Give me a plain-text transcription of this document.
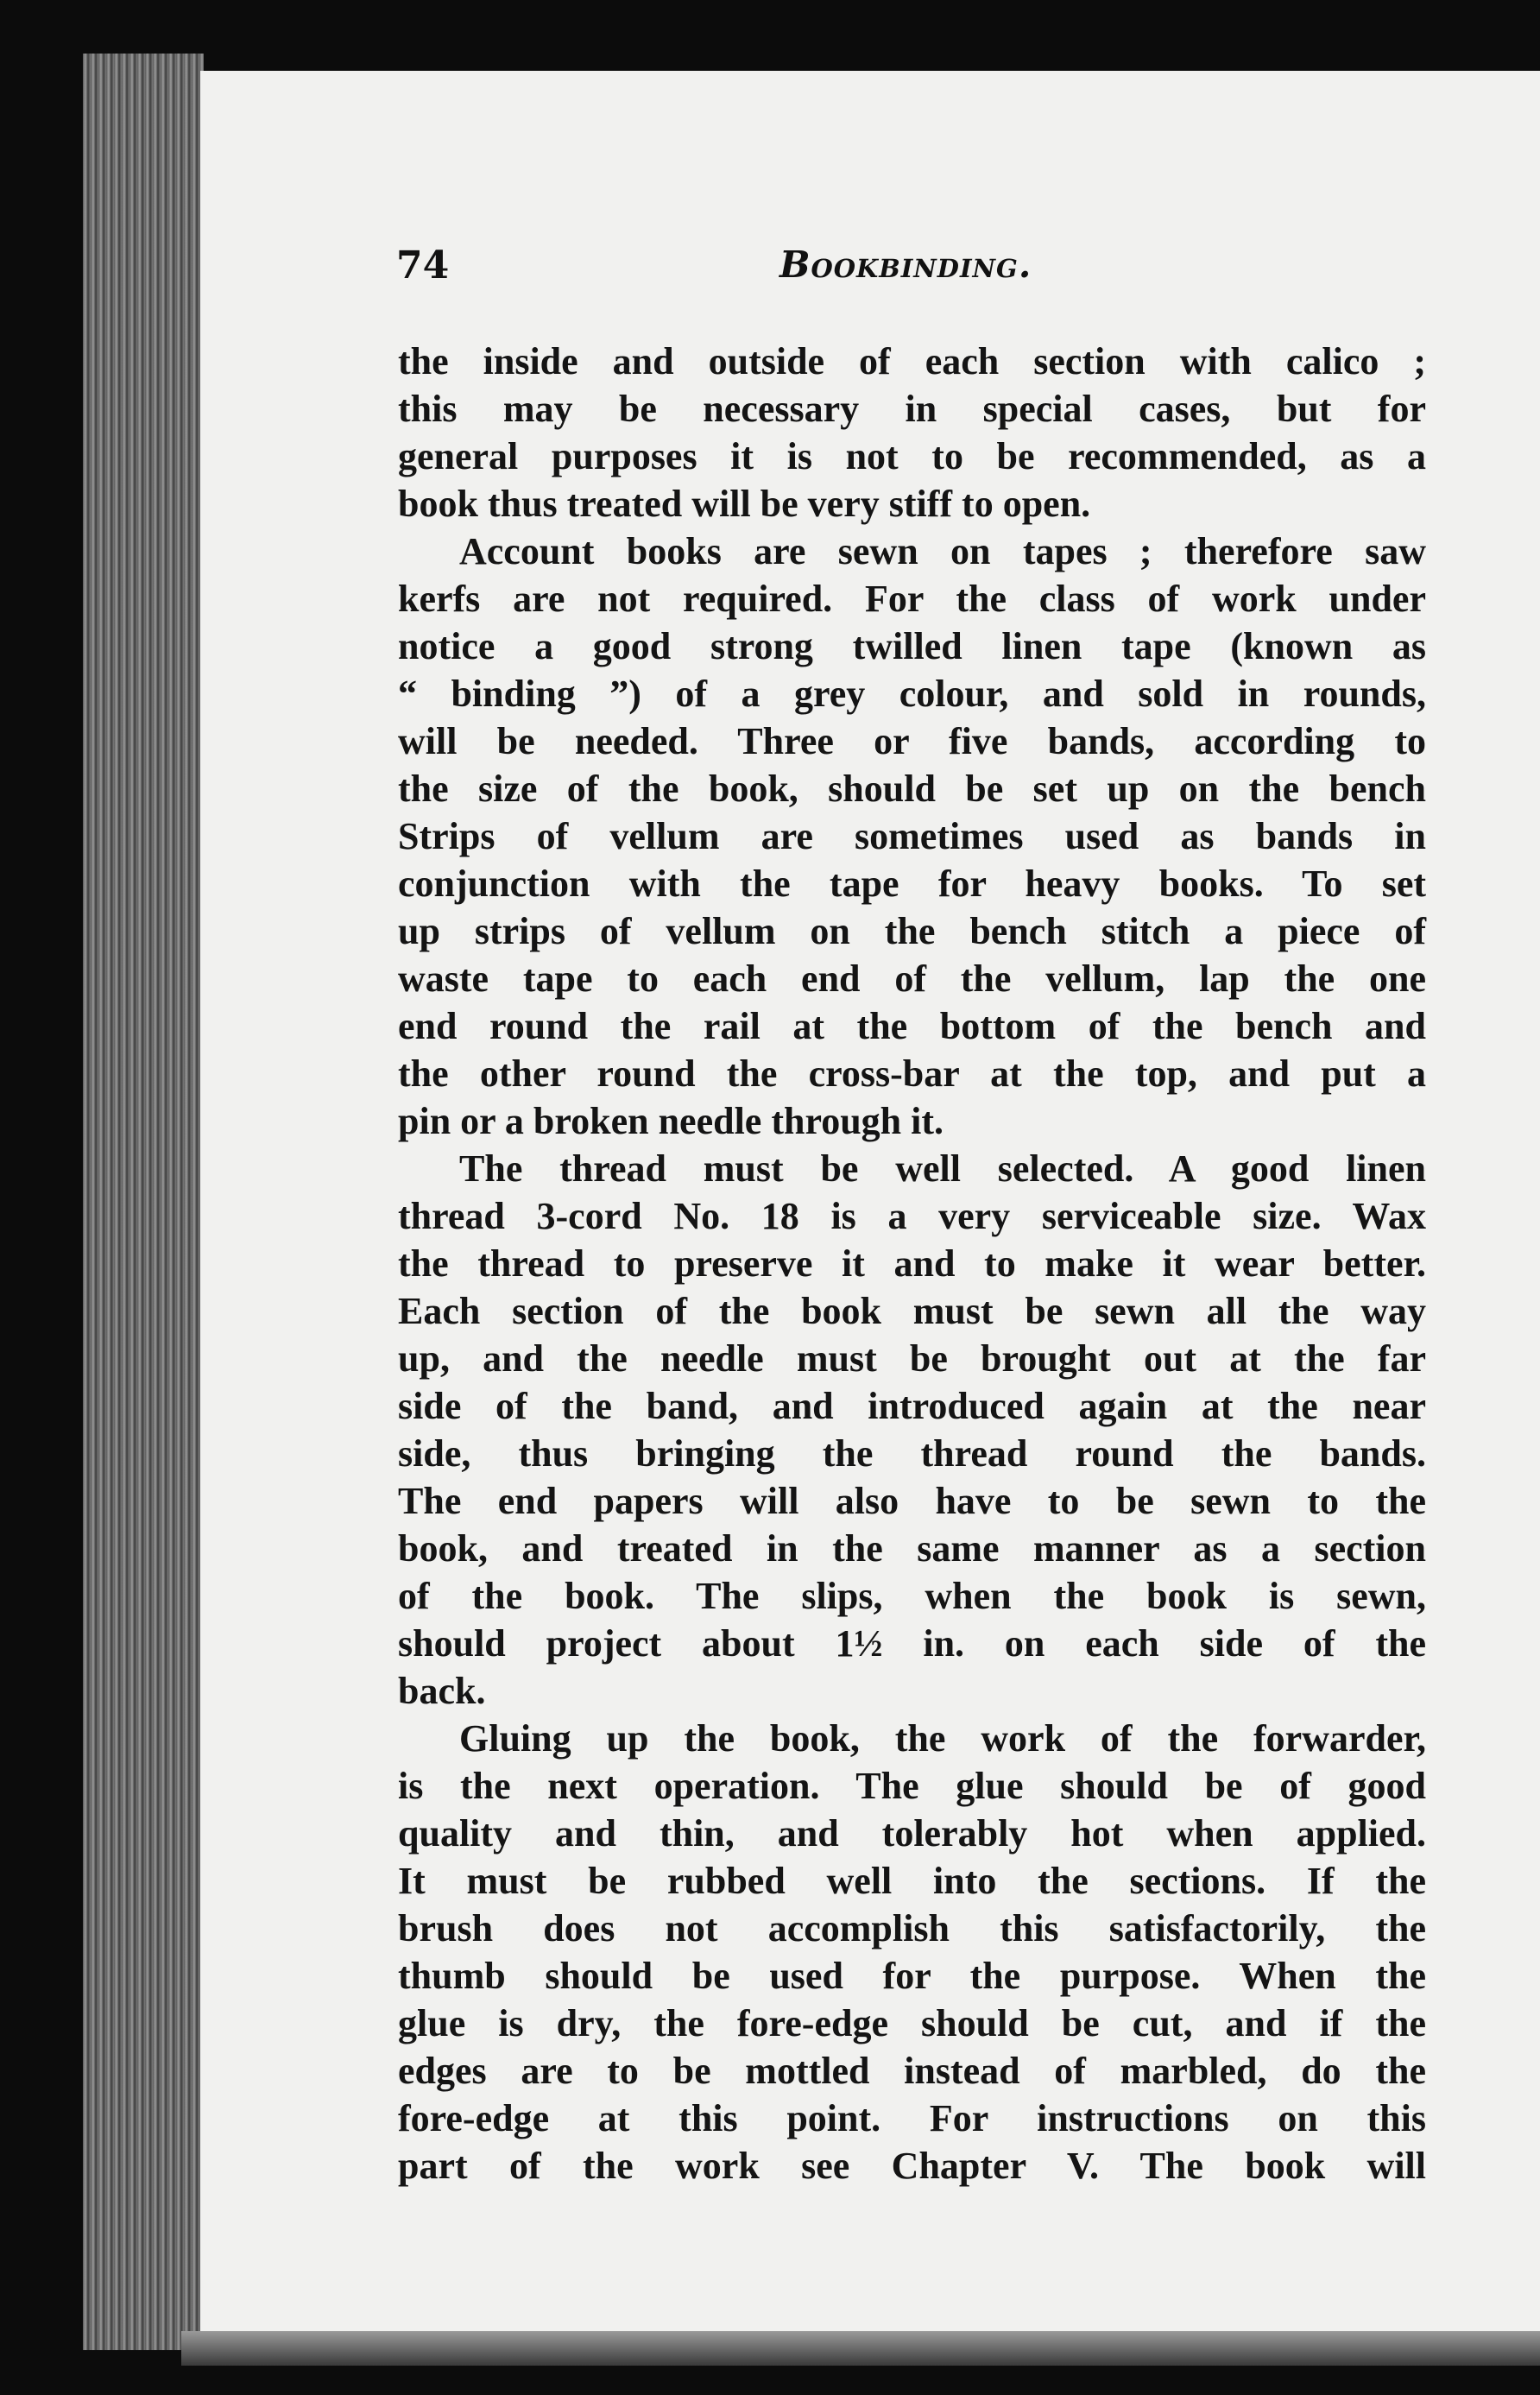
74	Bookbinding.
the inside and outside of each section with calico ;
this may be necessary in special cases, but for
general purposes it is not to be recommended, as a
book thus treated will be very stiff to open.
Account books are sewn on tapes ; therefore saw
kerfs are not required. For the class of work under
notice a good strong twilled linen tape (known as
“ binding ”) of a grey colour, and sold in rounds,
will be needed. Three or five bands, according to
the size of the book, should be set up on the bench
Strips of vellum are sometimes used as bands in
conjunction with the tape for heavy books. To set
up strips of vellum on the bench stitch a piece of
waste tape to each end of the vellum, lap the one
end round the rail at the bottom of the bench and
the other round the cross-bar at the top, and put a
pin or a broken needle through it.
The thread must be well selected. A good linen
thread 3-cord No. 18 is a very serviceable size. Wax
the thread to preserve it and to make it wear better.
Each section of the book must be sewn all the way
up, and the needle must be brought out at the far
side of the band, and introduced again at the near
side, thus bringing the thread round the bands.
The end papers will also have to be sewn to the
book, and treated in the same manner as a section
of the book. The slips, when the book is sewn,
should project about 1½ in. on each side of the
back.
Gluing up the book, the work of the forwarder,
is the next operation. The glue should be of good
quality and thin, and tolerably hot when applied.
It must be rubbed well into the sections. If the
brush does not accomplish this satisfactorily, the
thumb should be used for the purpose. When the
glue is dry, the fore-edge should be cut, and if the
edges are to be mottled instead of marbled, do the
fore-edge at this point. For instructions on this
part of the work see Chapter V. The book will
